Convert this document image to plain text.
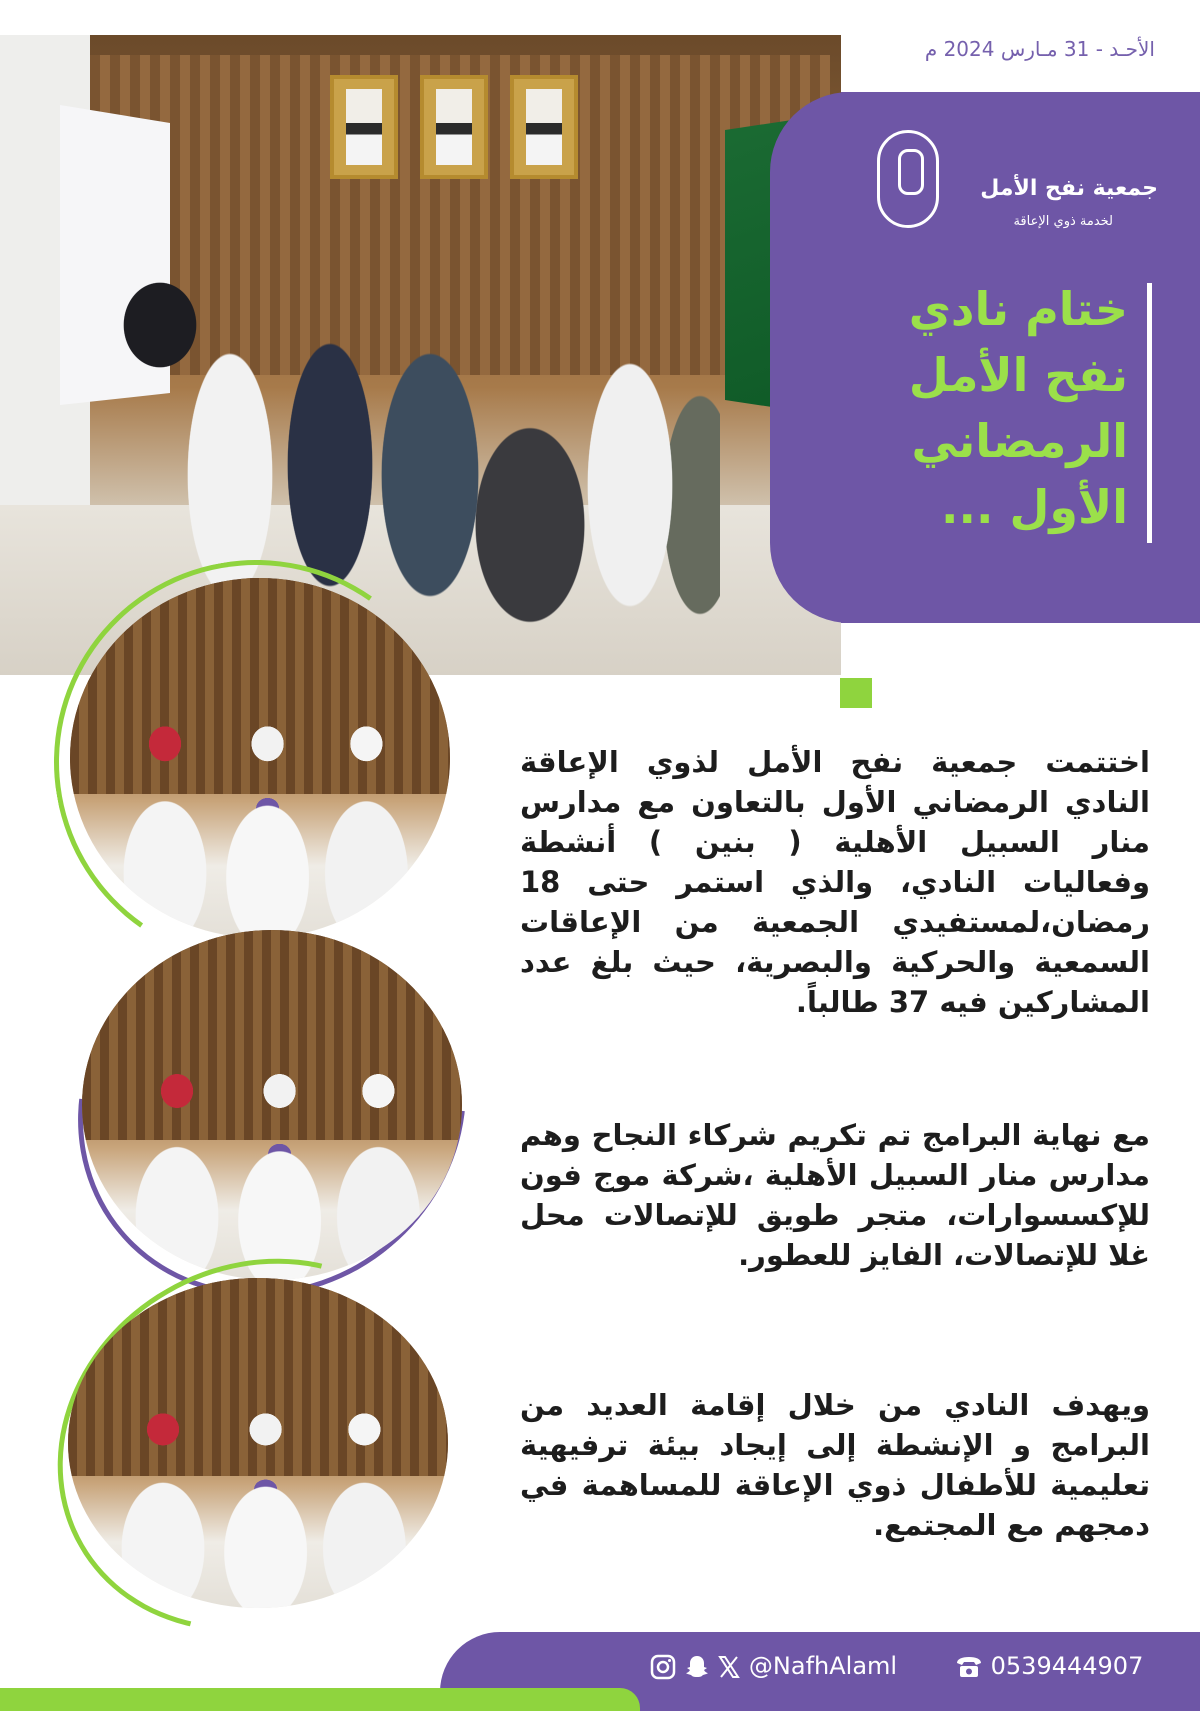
الأحـد - 31 مـارس 2024 م
جمعية نفح الأمل
لخدمة ذوي الإعاقة
ختام نادي نفح الأمل الرمضاني الأول ...

اختتمت جمعية نفح الأمل لذوي الإعاقة النادي الرمضاني الأول بالتعاون مع مدارس منار السبيل الأهلية ( بنين ) أنشطة وفعاليات النادي، والذي استمر حتى 18 رمضان،لمستفيدي الجمعية من الإعاقات السمعية والحركية والبصرية، حيث بلغ عدد المشاركين فيه 37 طالباً.

مع نهاية البرامج تم تكريم شركاء النجاح وهم مدارس منار السبيل الأهلية ،شركة موج فون للإكسسوارات، متجر طويق للإتصالات محل غلا للإتصالات، الفايز للعطور.

ويهدف النادي من خلال إقامة العديد من البرامج و الإنشطة إلى إيجاد بيئة ترفيهية تعليمية للأطفال ذوي الإعاقة للمساهمة في دمجهم مع المجتمع.

@NafhAlaml	0539444907
